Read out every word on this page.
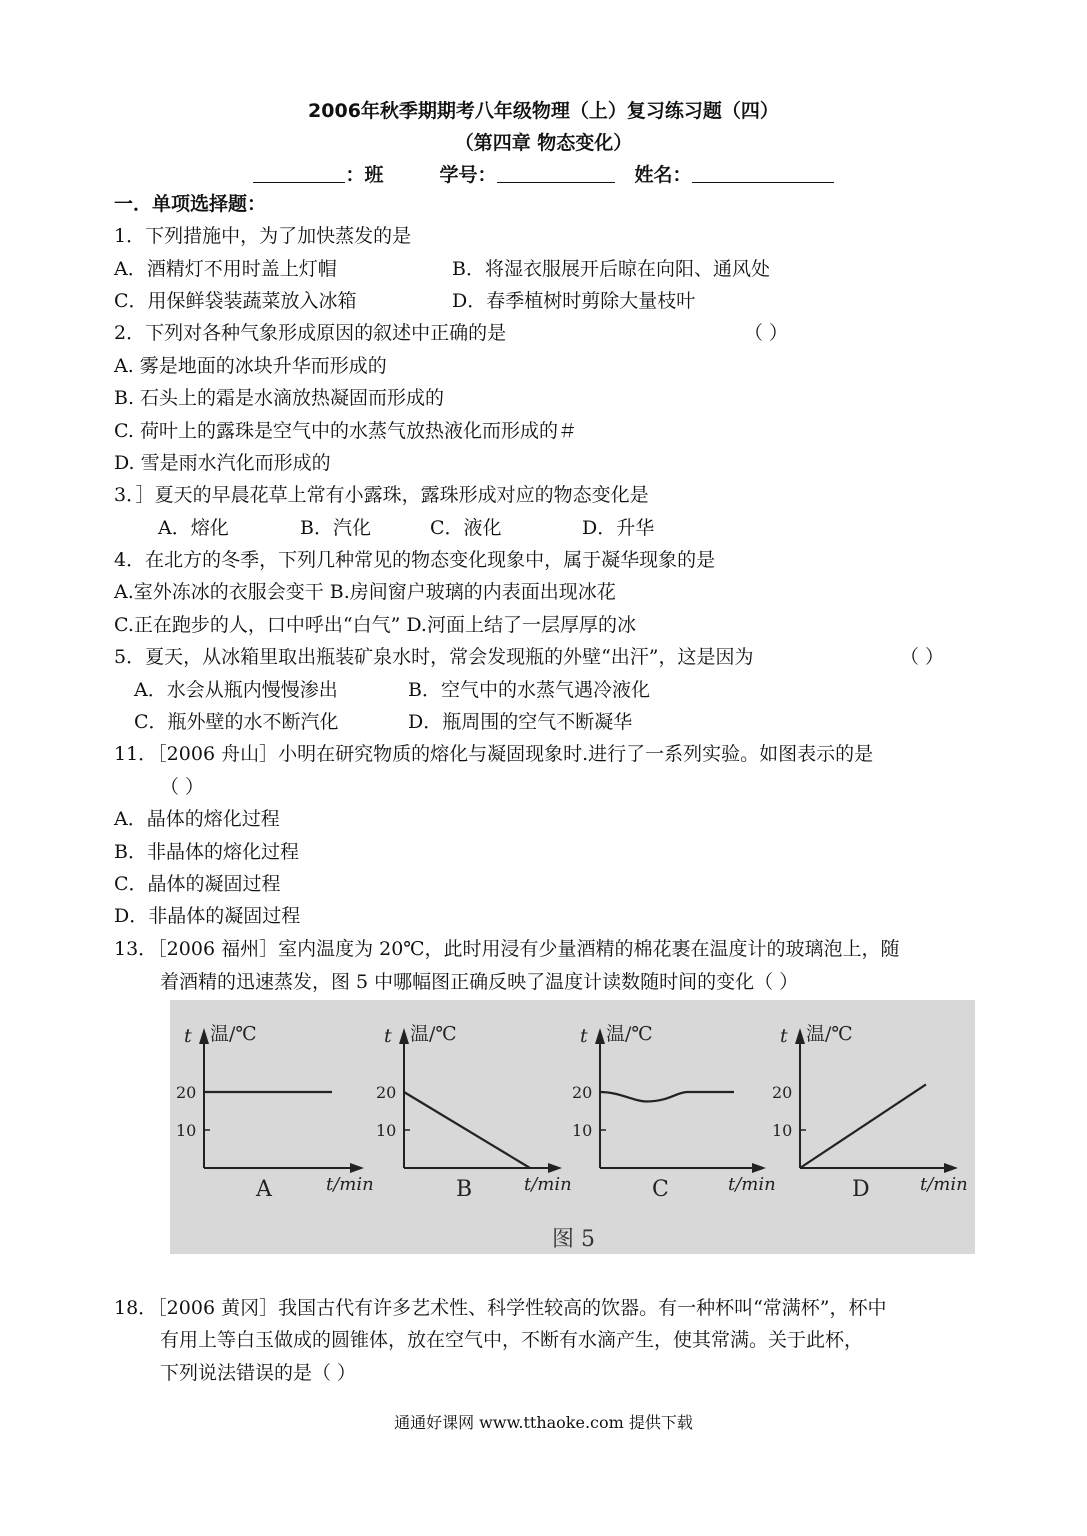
2006年秋季期期考八年级物理（上）复习练习题（四）
（第四章 物态变化）
：班	学号：	姓名：
一．单项选择题：
1．下列措施中，为了加快蒸发的是
A．酒精灯不用时盖上灯帽	B．将湿衣服展开后晾在向阳、通风处
C．用保鲜袋装蔬菜放入冰箱	D．春季植树时剪除大量枝叶
2．下列对各种气象形成原因的叙述中正确的是	（ ）
A. 雾是地面的冰块升华而形成的
B. 石头上的霜是水滴放热凝固而形成的
C. 荷叶上的露珠是空气中的水蒸气放热液化而形成的＃
D. 雪是雨水汽化而形成的
3．］夏天的早晨花草上常有小露珠，露珠形成对应的物态变化是
A．熔化	B．汽化	C．液化	D．升华
4．在北方的冬季，下列几种常见的物态变化现象中，属于凝华现象的是
A.室外冻冰的衣服会变干 B.房间窗户玻璃的内表面出现冰花
C.正在跑步的人，口中呼出“白气” D.河面上结了一层厚厚的冰
5．夏天，从冰箱里取出瓶装矿泉水时，常会发现瓶的外壁“出汗”，这是因为	（ ）
A．水会从瓶内慢慢渗出	B．空气中的水蒸气遇冷液化
C．瓶外壁的水不断汽化	D．瓶周围的空气不断凝华
11．［2006 舟山］小明在研究物质的熔化与凝固现象时.进行了一系列实验。如图表示的是
（ ）
A．晶体的熔化过程
B．非晶体的熔化过程
C．晶体的凝固过程
D．非晶体的凝固过程
13．［2006 福州］室内温度为 20℃，此时用浸有少量酒精的棉花裹在温度计的玻璃泡上，随
着酒精的迅速蒸发，图 5 中哪幅图正确反映了温度计读数随时间的变化（ ）
t 温/℃
20
10
t/min
A
t 温/℃
20
10
t/min
B
t 温/℃
20
10
t/min
C
t 温/℃
20
10
t/min
D
图 5
18．［2006 黄冈］我国古代有许多艺术性、科学性较高的饮器。有一种杯叫“常满杯”，杯中
有用上等白玉做成的圆锥体，放在空气中，不断有水滴产生，使其常满。关于此杯，
下列说法错误的是（ ）
通通好课网 www.tthaoke.com 提供下载
